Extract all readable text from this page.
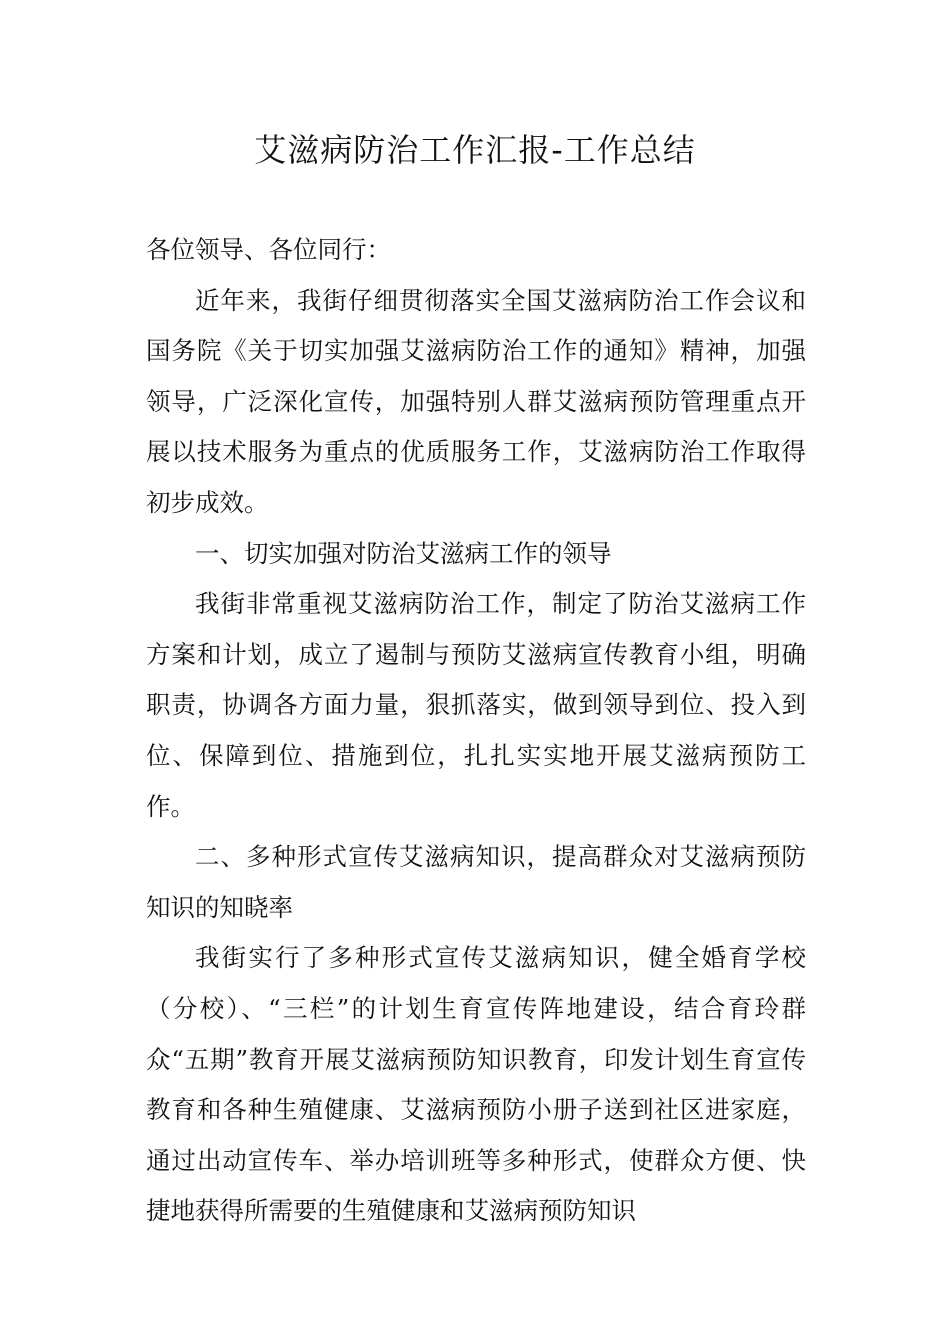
艾滋病防治工作汇报-工作总结

各位领导、各位同行：

近年来，我街仔细贯彻落实全国艾滋病防治工作会议和国务院《关于切实加强艾滋病防治工作的通知》精神，加强领导，广泛深化宣传，加强特别人群艾滋病预防管理重点开展以技术服务为重点的优质服务工作，艾滋病防治工作取得初步成效。

一、切实加强对防治艾滋病工作的领导

我街非常重视艾滋病防治工作，制定了防治艾滋病工作方案和计划，成立了遏制与预防艾滋病宣传教育小组，明确职责，协调各方面力量，狠抓落实，做到领导到位、投入到位、保障到位、措施到位，扎扎实实地开展艾滋病预防工作。

二、多种形式宣传艾滋病知识，提高群众对艾滋病预防知识的知晓率

我街实行了多种形式宣传艾滋病知识，健全婚育学校（分校）、“三栏”的计划生育宣传阵地建设，结合育玲群众“五期”教育开展艾滋病预防知识教育，印发计划生育宣传教育和各种生殖健康、艾滋病预防小册子送到社区进家庭，通过出动宣传车、举办培训班等多种形式，使群众方便、快捷地获得所需要的生殖健康和艾滋病预防知识
